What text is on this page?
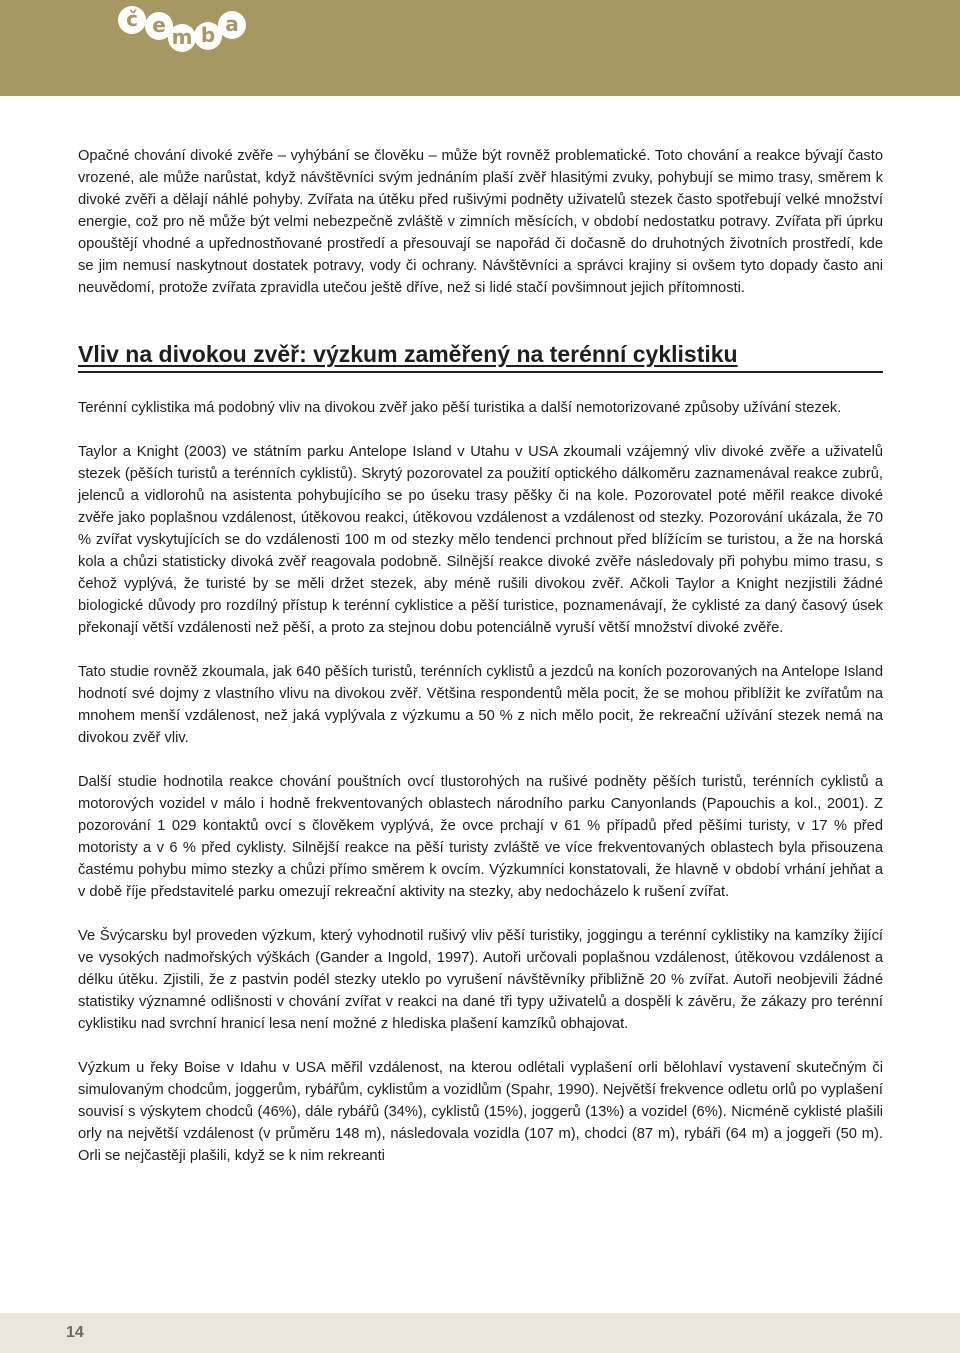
č e m b a

Opačné chování divoké zvěře – vyhýbání se člověku – může být rovněž problematické. Toto chování a reakce bývají často vrozené, ale může narůstat, když návštěvníci svým jednáním plaší zvěř hlasitými zvuky, pohybují se mimo trasy, směrem k divoké zvěři a dělají náhlé pohyby. Zvířata na útěku před rušivými podněty uživatelů stezek často spotřebují velké množství energie, což pro ně může být velmi nebezpečně zvláště v zimních měsících, v období nedostatku potravy. Zvířata při úprku opouštějí vhodné a upřednostňované prostředí a přesouvají se napořád či dočasně do druhotných životních prostředí, kde se jim nemusí naskytnout dostatek potravy, vody či ochrany. Návštěvníci a správci krajiny si ovšem tyto dopady často ani neuvědomí, protože zvířata zpravidla utečou ještě dříve, než si lidé stačí povšimnout jejich přítomnosti.

Vliv na divokou zvěř: výzkum zaměřený na terénní cyklistiku

Terénní cyklistika má podobný vliv na divokou zvěř jako pěší turistika a další nemotorizované způsoby užívání stezek.

Taylor a Knight (2003) ve státním parku Antelope Island v Utahu v USA zkoumali vzájemný vliv divoké zvěře a uživatelů stezek (pěších turistů a terénních cyklistů). Skrytý pozorovatel za použití optického dálkoměru zaznamenával reakce zubrů, jelenců a vidlorohů na asistenta pohybujícího se po úseku trasy pěšky či na kole. Pozorovatel poté měřil reakce divoké zvěře jako poplašnou vzdálenost, útěkovou reakci, útěkovou vzdálenost a vzdálenost od stezky. Pozorování ukázala, že 70 % zvířat vyskytujících se do vzdálenosti 100 m od stezky mělo tendenci prchnout před blížícím se turistou, a že na horská kola a chůzi statisticky divoká zvěř reagovala podobně. Silnější reakce divoké zvěře následovaly při pohybu mimo trasu, s čehož vyplývá, že turisté by se měli držet stezek, aby méně rušili divokou zvěř. Ačkoli Taylor a Knight nezjistili žádné biologické důvody pro rozdílný přístup k terénní cyklistice a pěší turistice, poznamenávají, že cyklisté za daný časový úsek překonají větší vzdálenosti než pěší, a proto za stejnou dobu potenciálně vyruší větší množství divoké zvěře.

Tato studie rovněž zkoumala, jak 640 pěších turistů, terénních cyklistů a jezdců na koních pozorovaných na Antelope Island hodnotí své dojmy z vlastního vlivu na divokou zvěř. Většina respondentů měla pocit, že se mohou přiblížit ke zvířatům na mnohem menší vzdálenost, než jaká vyplývala z výzkumu a 50 % z nich mělo pocit, že rekreační užívání stezek nemá na divokou zvěř vliv.

Další studie hodnotila reakce chování pouštních ovcí tlustorohých na rušivé podněty pěších turistů, terénních cyklistů a motorových vozidel v málo i hodně frekventovaných oblastech národního parku Canyonlands (Papouchis a kol., 2001). Z pozorování 1 029 kontaktů ovcí s člověkem vyplývá, že ovce prchají v 61 % případů před pěšími turisty, v 17 % před motoristy a v 6 % před cyklisty. Silnější reakce na pěší turisty zvláště ve více frekventovaných oblastech byla přisouzena častému pohybu mimo stezky a chůzi přímo směrem k ovcím. Výzkumníci konstatovali, že hlavně v období vrhání jehňat a v době říje představitelé parku omezují rekreační aktivity na stezky, aby nedocházelo k rušení zvířat.

Ve Švýcarsku byl proveden výzkum, který vyhodnotil rušivý vliv pěší turistiky, joggingu a terénní cyklistiky na kamzíky žijící ve vysokých nadmořských výškách (Gander a Ingold, 1997). Autoři určovali poplašnou vzdálenost, útěkovou vzdálenost a délku útěku. Zjistili, že z pastvin podél stezky uteklo po vyrušení návštěvníky přibližně 20 % zvířat. Autoři neobjevili žádné statistiky významné odlišnosti v chování zvířat v reakci na dané tři typy uživatelů a dospěli k závěru, že zákazy pro terénní cyklistiku nad svrchní hranicí lesa není možné z hlediska plašení kamzíků obhajovat.

Výzkum u řeky Boise v Idahu v USA měřil vzdálenost, na kterou odlétali vyplašení orli bělohlaví vystavení skutečným či simulovaným chodcům, joggerům, rybářům, cyklistům a vozidlům (Spahr, 1990). Největší frekvence odletu orlů po vyplašení souvisí s výskytem chodců (46%), dále rybářů (34%), cyklistů (15%), joggerů (13%) a vozidel (6%). Nicméně cyklisté plašili orly na největší vzdálenost (v průměru 148 m), následovala vozidla (107 m), chodci (87 m), rybáři (64 m) a joggeři (50 m). Orli se nejčastěji plašili, když se k nim rekreanti

14
